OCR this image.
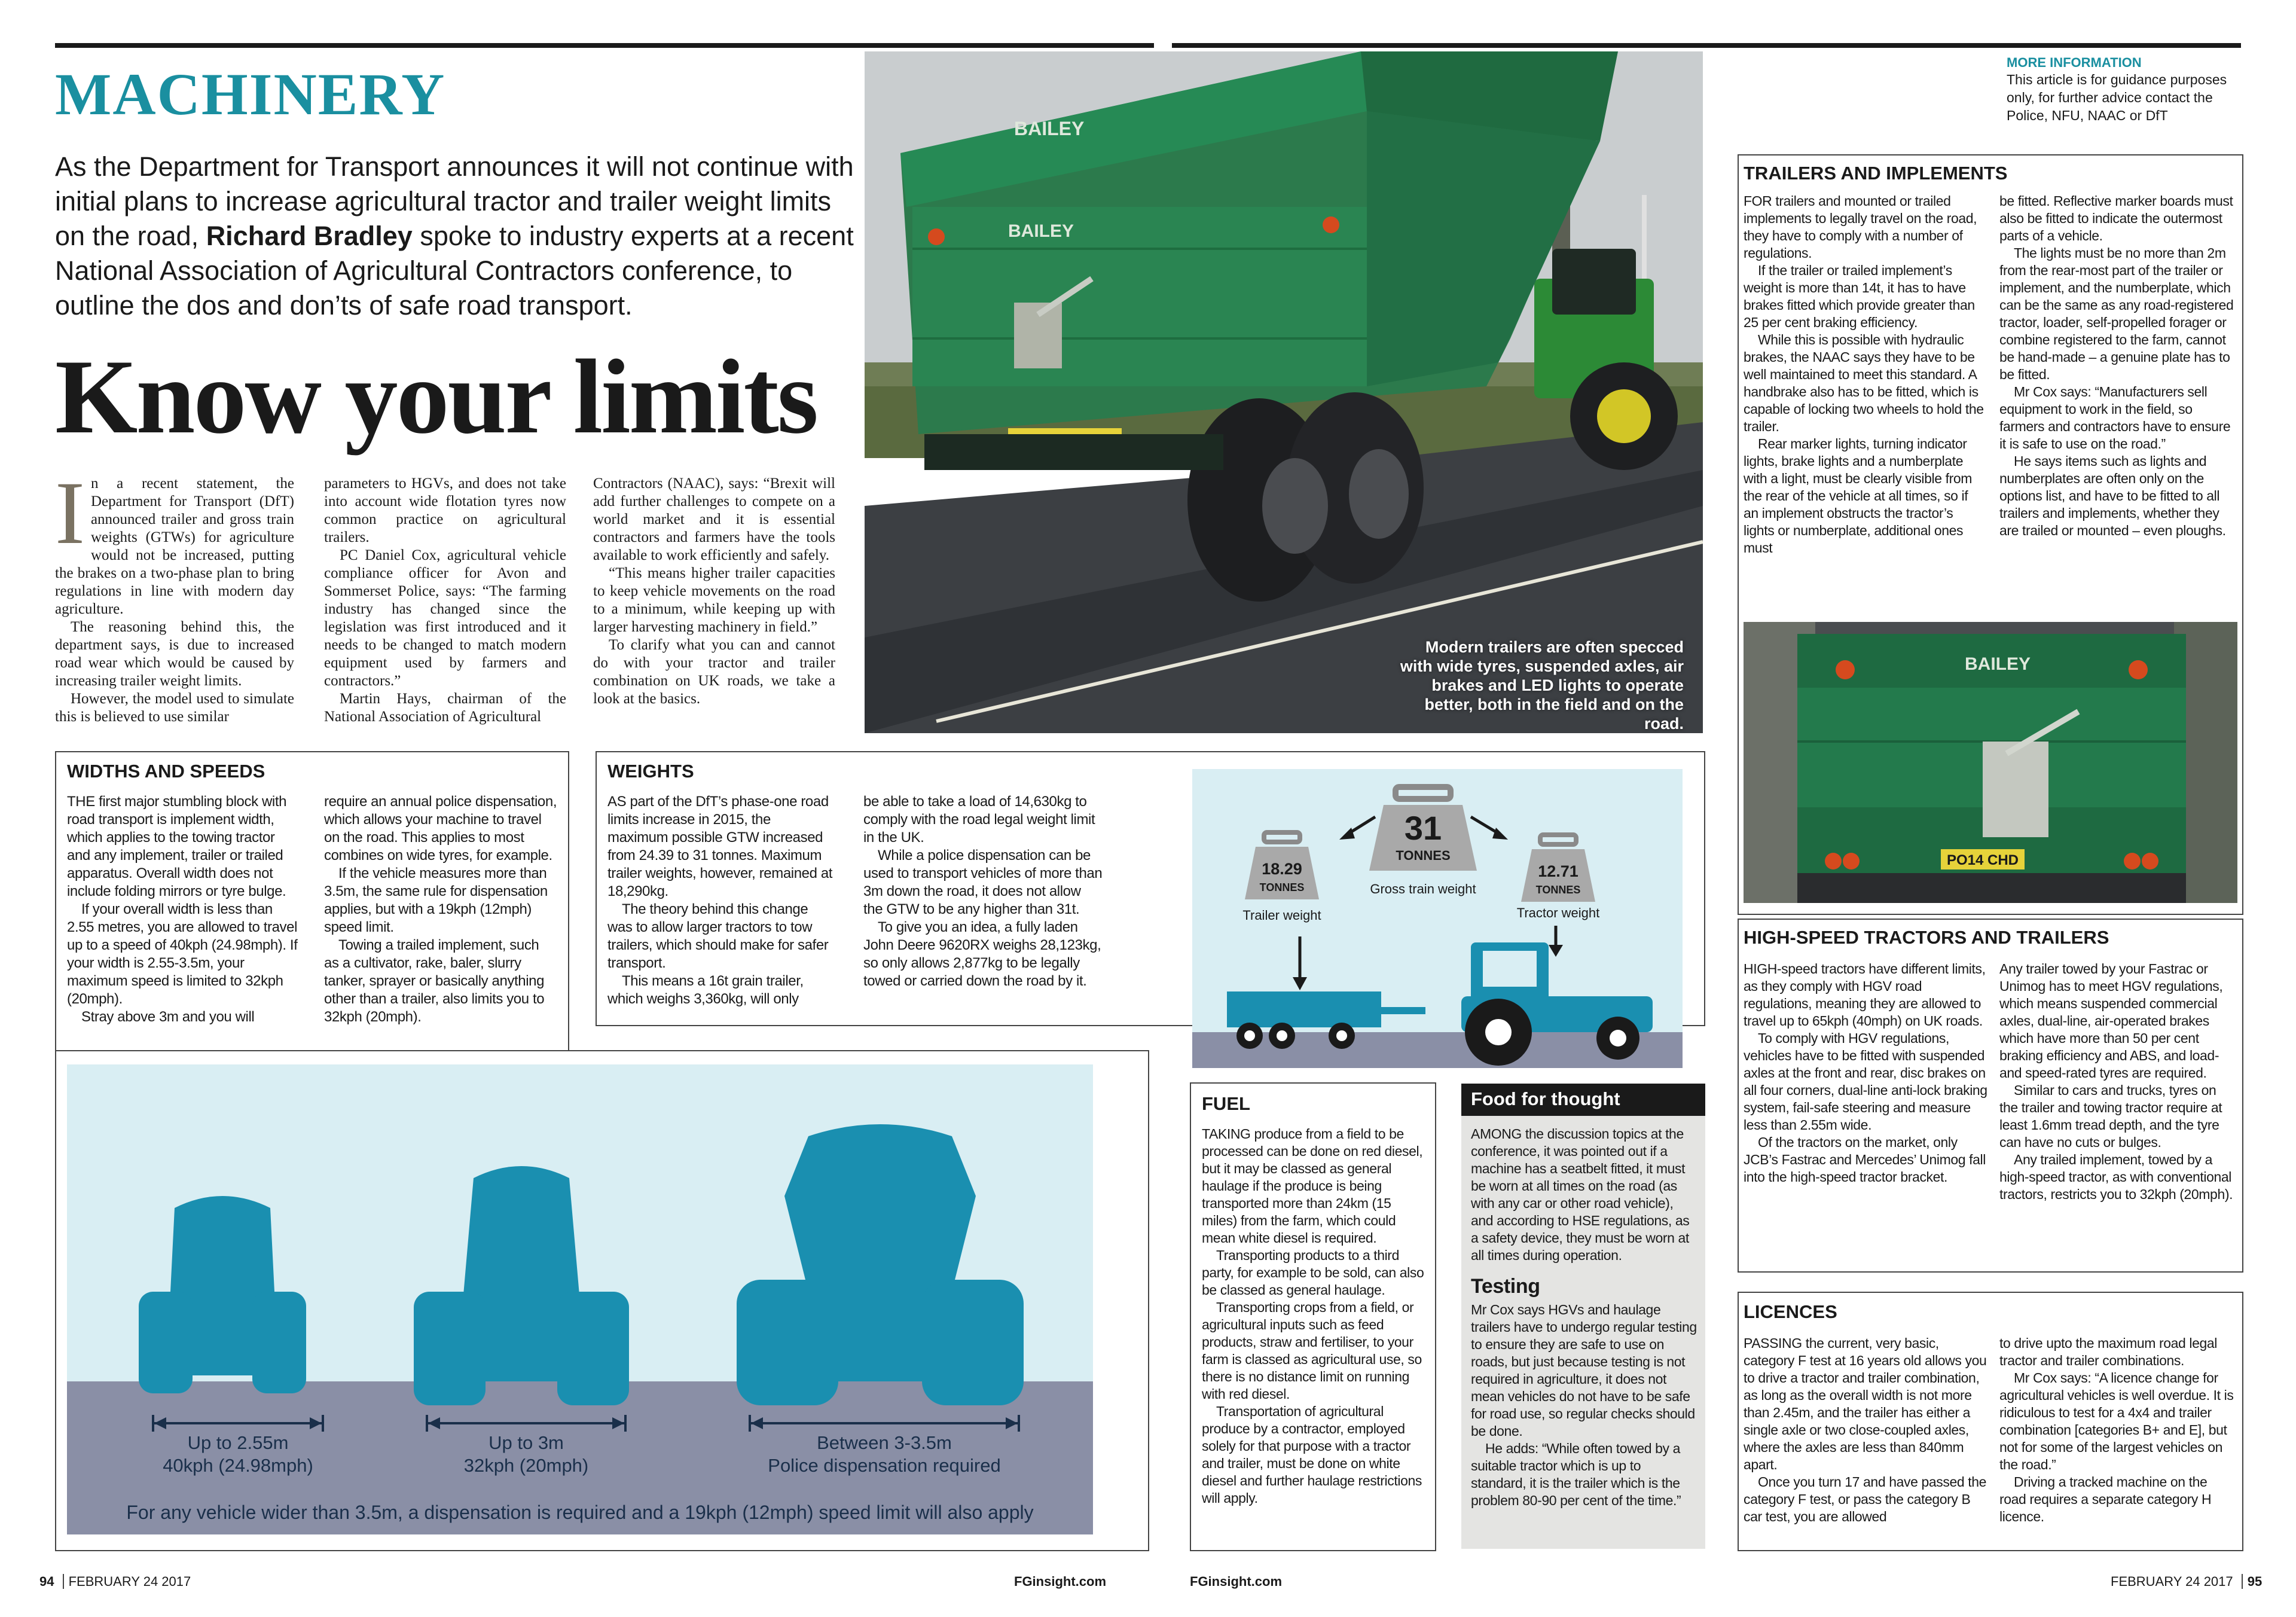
MACHINERY
As the Department for Transport announces it will not continue with initial plans to increase agricultural tractor and trailer weight limits on the road, Richard Bradley spoke to industry experts at a recent National Association of Agricultural Contractors conference, to outline the dos and don’ts of safe road transport.
Know your limits
I n a recent statement, the Department for Transport (DfT) announced trailer and gross train weights (GTWs) for agriculture would not be increased, putting the brakes on a two-phase plan to bring regulations in line with modern day agriculture.

The reasoning behind this, the department says, is due to increased road wear which would be caused by increasing trailer weight limits.

However, the model used to simulate this is believed to use similar

parameters to HGVs, and does not take into account wide flotation tyres now common practice on agricultural trailers.

PC Daniel Cox, agricultural vehicle compliance officer for Avon and Sommerset Police, says: “The farming industry has changed since the legislation was first introduced and it needs to be changed to match modern equipment used by farmers and contractors.”

Martin Hays, chairman of the National Association of Agricultural

Contractors (NAAC), says: “Brexit will add further challenges to compete on a world market and it is essential contractors and farmers have the tools available to work efficiently and safely.

“This means higher trailer capacities to keep vehicle movements on the road to a minimum, while keeping up with larger harvesting machinery in field.”

To clarify what you can and cannot do with your tractor and trailer combination on UK roads, we take a look at the basics.

BAILEY
BAILEY
Modern trailers are often specced with wide tyres, suspended axles, air brakes and LED lights to operate better, both in the field and on the road.
WIDTHS AND SPEEDS

THE first major stumbling block with road transport is implement width, which applies to the towing tractor and any implement, trailer or trailed apparatus. Overall width does not include folding mirrors or tyre bulge.

If your overall width is less than 2.55 metres, you are allowed to travel up to a speed of 40kph (24.98mph). If your width is 2.55-3.5m, your maximum speed is limited to 32kph (20mph).

Stray above 3m and you will

require an annual police dispensation, which allows your machine to travel on the road. This applies to most combines on wide tyres, for example.

If the vehicle measures more than 3.5m, the same rule for dispensation applies, but with a 19kph (12mph) speed limit.

Towing a trailed implement, such as a cultivator, rake, baler, slurry tanker, sprayer or basically anything other than a trailer, also limits you to 32kph (20mph).

WEIGHTS

AS part of the DfT’s phase-one road limits increase in 2015, the maximum possible GTW increased from 24.39 to 31 tonnes. Maximum trailer weights, however, remained at 18,290kg.

The theory behind this change was to allow larger tractors to tow trailers, which should make for safer transport.

This means a 16t grain trailer, which weighs 3,360kg, will only

be able to take a load of 14,630kg to comply with the road legal weight limit in the UK.

While a police dispensation can be used to transport vehicles of more than 3m down the road, it does not allow the GTW to be any higher than 31t.

To give you an idea, a fully laden John Deere 9620RX weighs 28,123kg, so only allows 2,877kg to be legally towed or carried down the road by it.

31
TONNES
Gross train weight
18.29
TONNES
Trailer weight
12.71
TONNES
Tractor weight
Up to 2.55m
40kph (24.98mph)
Up to 3m
32kph (20mph)
Between 3-3.5m
Police dispensation required
For any vehicle wider than 3.5m, a dispensation is required and a 19kph (12mph) speed limit will also apply
FUEL

TAKING produce from a field to be processed can be done on red diesel, but it may be classed as general haulage if the produce is being transported more than 24km (15 miles) from the farm, which could mean white diesel is required.

Transporting products to a third party, for example to be sold, can also be classed as general haulage.

Transporting crops from a field, or agricultural inputs such as feed products, straw and fertiliser, to your farm is classed as agricultural use, so there is no distance limit on running with red diesel.

Transportation of agricultural produce by a contractor, employed solely for that purpose with a tractor and trailer, must be done on white diesel and further haulage restrictions will apply.

Food for thought

AMONG the discussion topics at the conference, it was pointed out if a machine has a seatbelt fitted, it must be worn at all times on the road (as with any car or other road vehicle), and according to HSE regulations, as a safety device, they must be worn at all times during operation.

Testing

Mr Cox says HGVs and haulage trailers have to undergo regular testing to ensure they are safe to use on roads, but just because testing is not required in agriculture, it does not mean vehicles do not have to be safe for road use, so regular checks should be done.

He adds: “While often towed by a suitable tractor which is up to standard, it is the trailer which is the problem 80-90 per cent of the time.”

MORE INFORMATION
This article is for guidance purposes only, for further advice contact the Police, NFU, NAAC or DfT
TRAILERS AND IMPLEMENTS

FOR trailers and mounted or trailed implements to legally travel on the road, they have to comply with a number of regulations.

If the trailer or trailed implement’s weight is more than 14t, it has to have brakes fitted which provide greater than 25 per cent braking efficiency.

While this is possible with hydraulic brakes, the NAAC says they have to be well maintained to meet this standard. A handbrake also has to be fitted, which is capable of locking two wheels to hold the trailer.

Rear marker lights, turning indicator lights, brake lights and a numberplate with a light, must be clearly visible from the rear of the vehicle at all times, so if an implement obstructs the tractor’s lights or numberplate, additional ones must

be fitted. Reflective marker boards must also be fitted to indicate the outermost parts of a vehicle.

The lights must be no more than 2m from the rear-most part of the trailer or implement, and the numberplate, which can be the same as any road-registered tractor, loader, self-propelled forager or combine registered to the farm, cannot be hand-made – a genuine plate has to be fitted.

Mr Cox says: “Manufacturers sell equipment to work in the field, so farmers and contractors have to ensure it is safe to use on the road.”

He says items such as lights and numberplates are often only on the options list, and have to be fitted to all trailers and implements, whether they are trailed or mounted – even ploughs.

BAILEY
PO14 CHD
HIGH-SPEED TRACTORS AND TRAILERS

HIGH-speed tractors have different limits, as they comply with HGV road regulations, meaning they are allowed to travel up to 65kph (40mph) on UK roads.

To comply with HGV regulations, vehicles have to be fitted with suspended axles at the front and rear, disc brakes on all four corners, dual-line anti-lock braking system, fail-safe steering and measure less than 2.55m wide.

Of the tractors on the market, only JCB’s Fastrac and Mercedes’ Unimog fall into the high-speed tractor bracket.

Any trailer towed by your Fastrac or Unimog has to meet HGV regulations, which means suspended commercial axles, dual-line, air-operated brakes which have more than 50 per cent braking efficiency and ABS, and load- and speed-rated tyres are required.

Similar to cars and trucks, tyres on the trailer and towing tractor require at least 1.6mm tread depth, and the tyre can have no cuts or bulges.

Any trailed implement, towed by a high-speed tractor, as with conventional tractors, restricts you to 32kph (20mph).

LICENCES

PASSING the current, very basic, category F test at 16 years old allows you to drive a tractor and trailer combination, as long as the overall width is not more than 2.45m, and the trailer has either a single axle or two close-coupled axles, where the axles are less than 840mm apart.

Once you turn 17 and have passed the category F test, or pass the category B car test, you are allowed

to drive upto the maximum road legal tractor and trailer combinations.

Mr Cox says: “A licence change for agricultural vehicles is well overdue. It is ridiculous to test for a 4x4 and trailer combination [categories B+ and E], but not for some of the largest vehicles on the road.”

Driving a tracked machine on the road requires a separate category H licence.

94 FEBRUARY 24 2017	FGinsight.com	FGinsight.com	FEBRUARY 24 2017 95
